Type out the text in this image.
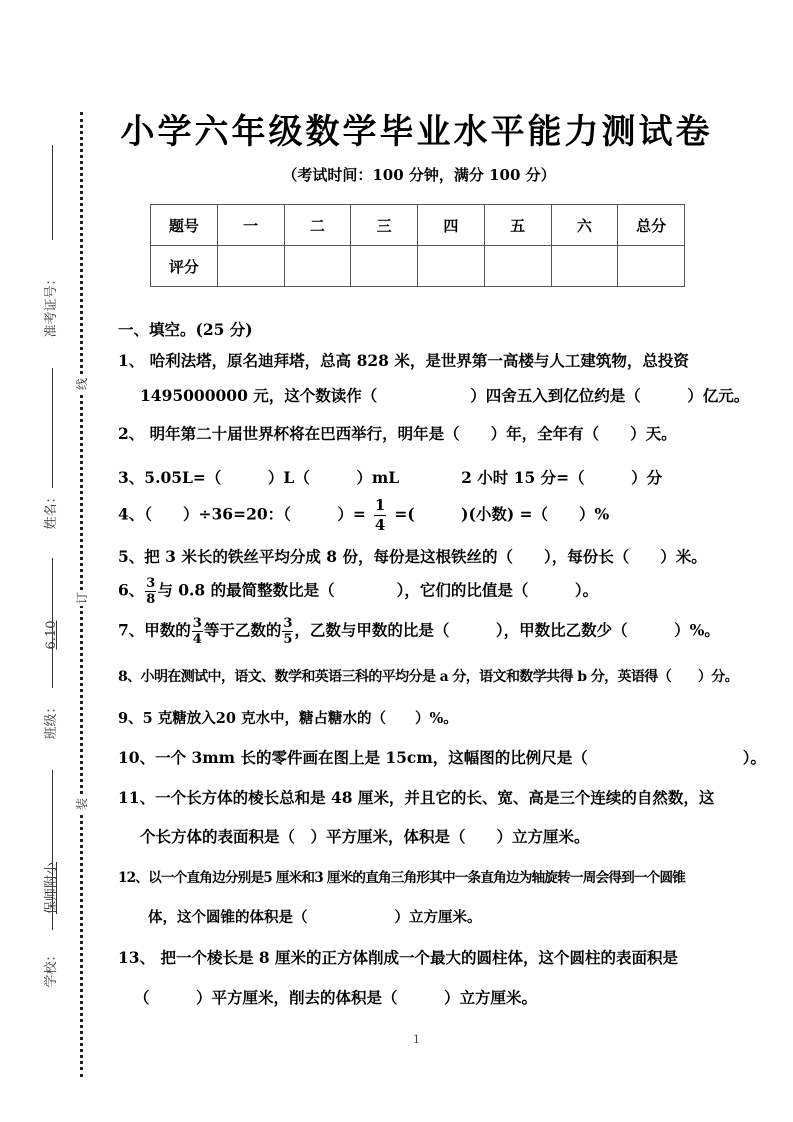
准考证号：
姓名：
6.10
班级：
保师附小
学校：
线
订
装
小学六年级数学毕业水平能力测试卷
（考试时间：100 分钟，满分 100 分）
题号	一	二	三	四	五	六	总分
评分							
一、填空。(25 分)
1、 哈利法塔，原名迪拜塔，总高 828 米，是世界第一高楼与人工建筑物，总投资
1495000000 元，这个数读作（　　　　　　）四舍五入到亿位约是（　　　）亿元。
2、 明年第二十届世界杯将在巴西举行，明年是（　　）年，全年有（　　）天。
3、5.05L=（　　　）L（　　　）mL　　　　2 小时 15 分=（　　　）分
4、（　　）÷36=20：（　　　）= $\frac{1}{4}$ =(　　　)(小数) =（　　）%
5、把 3 米长的铁丝平均分成 8 份，每份是这根铁丝的（　　），每份长（　　）米。
6、 $\frac{3}{8}$ 与 0.8 的最简整数比是（　　　　），它们的比值是（　　　）。
7、甲数的 $\frac{3}{4}$ 等于乙数的 $\frac{3}{5}$ ，乙数与甲数的比是（　　　），甲数比乙数少（　　　）%。
8、小明在测试中，语文、数学和英语三科的平均分是 a 分，语文和数学共得 b 分，英语得（　　）分。
9、5 克糖放入20 克水中，糖占糖水的（　　）%。
10、一个 3mm 长的零件画在图上是 15cm，这幅图的比例尺是（　　　　　　　　　　）。
11、一个长方体的棱长总和是 48 厘米，并且它的长、宽、高是三个连续的自然数，这
个长方体的表面积是（　）平方厘米，体积是（　　）立方厘米。
12、以一个直角边分别是5 厘米和3 厘米的直角三角形其中一条直角边为轴旋转一周会得到一个圆锥
体，这个圆锥的体积是（　　　　　　）立方厘米。
13、 把一个棱长是 8 厘米的正方体削成一个最大的圆柱体，这个圆柱的表面积是
（　　　）平方厘米，削去的体积是（　　　）立方厘米。
1
